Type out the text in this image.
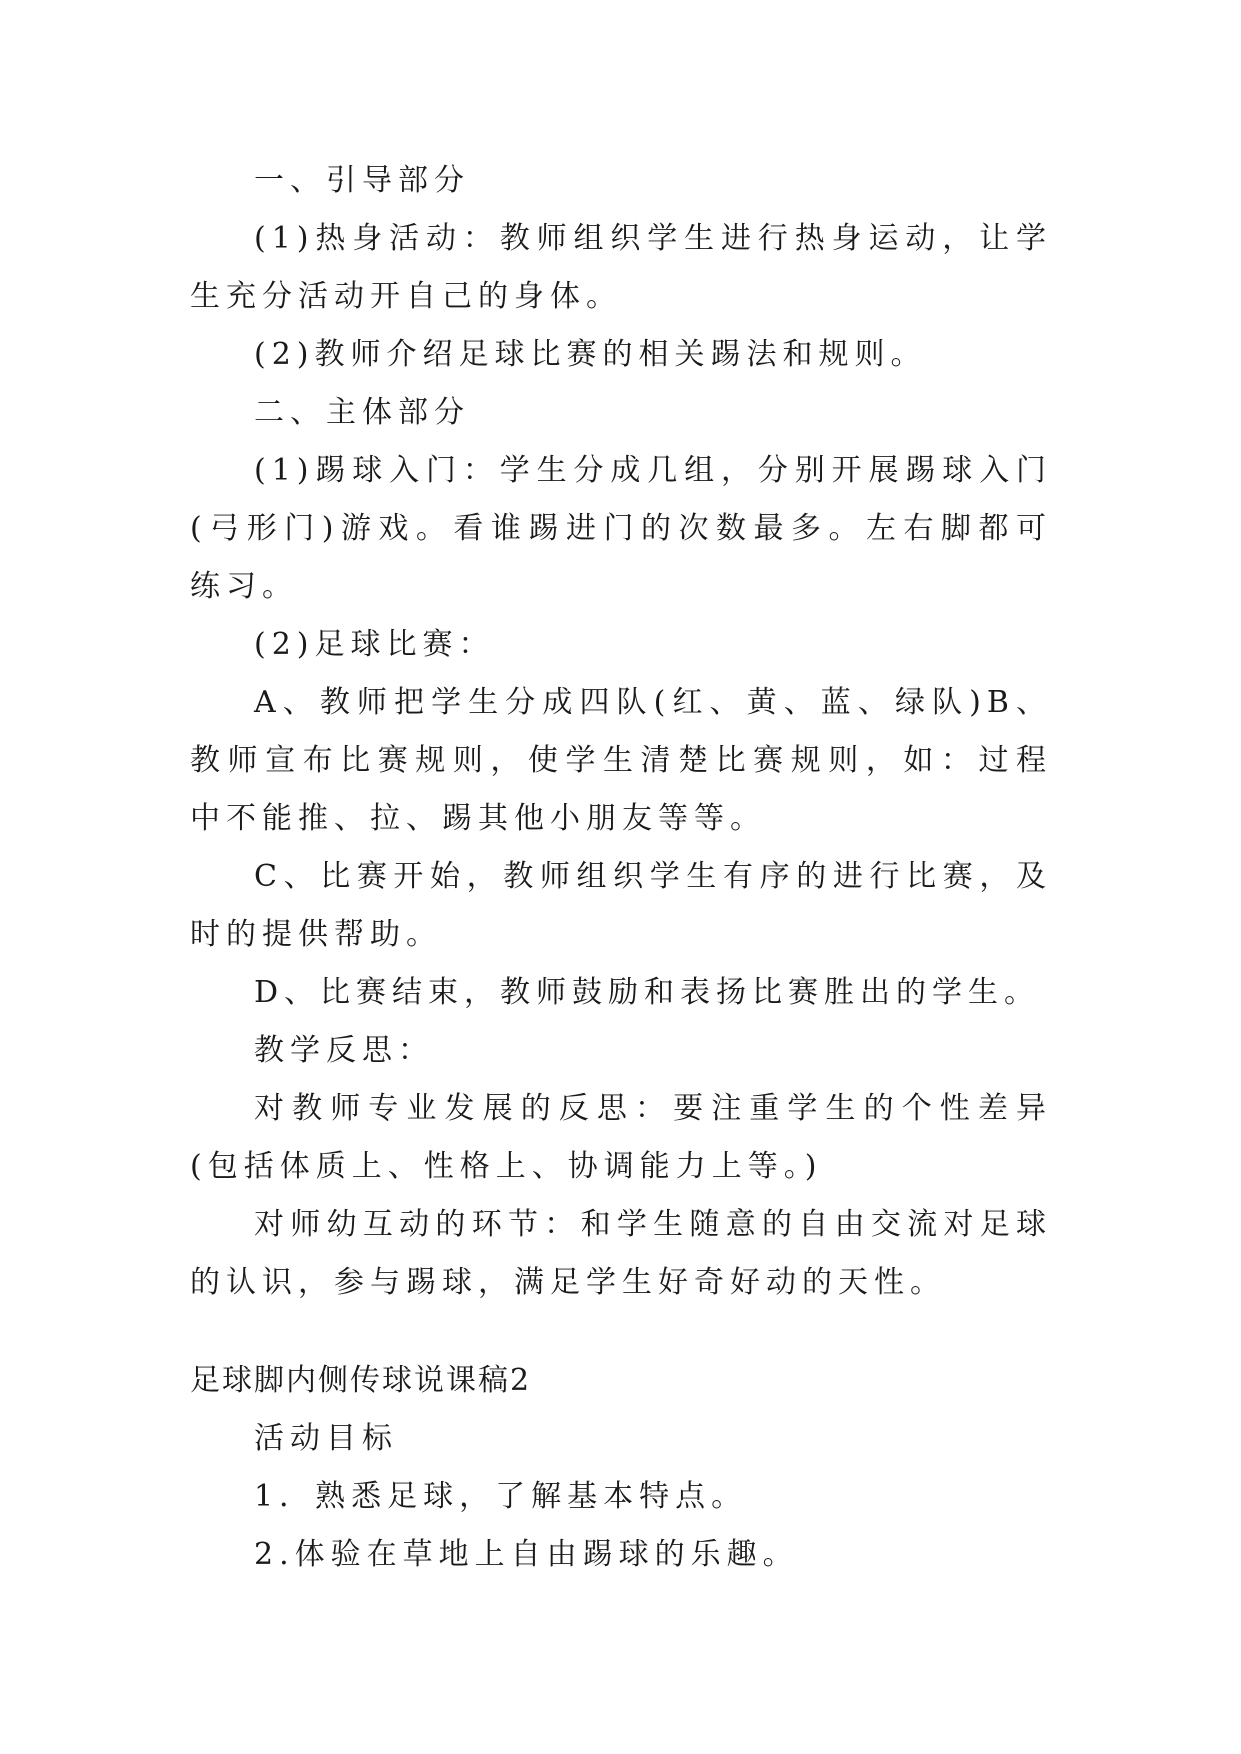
一、引导部分

(1)热身活动：教师组织学生进行热身运动，让学生充分活动开自己的身体。

(2)教师介绍足球比赛的相关踢法和规则。

二、主体部分

(1)踢球入门：学生分成几组，分别开展踢球入门(弓形门)游戏。看谁踢进门的次数最多。左右脚都可练习。

(2)足球比赛：

A、教师把学生分成四队(红、黄、蓝、绿队)B、教师宣布比赛规则，使学生清楚比赛规则，如：过程中不能推、拉、踢其他小朋友等等。

C、比赛开始，教师组织学生有序的进行比赛，及时的提供帮助。

D、比赛结束，教师鼓励和表扬比赛胜出的学生。

教学反思：

对教师专业发展的反思：要注重学生的个性差异(包括体质上、性格上、协调能力上等。)

对师幼互动的环节：和学生随意的自由交流对足球的认识，参与踢球，满足学生好奇好动的天性。

足球脚内侧传球说课稿2

活动目标

1．熟悉足球，了解基本特点。

2.体验在草地上自由踢球的乐趣。
